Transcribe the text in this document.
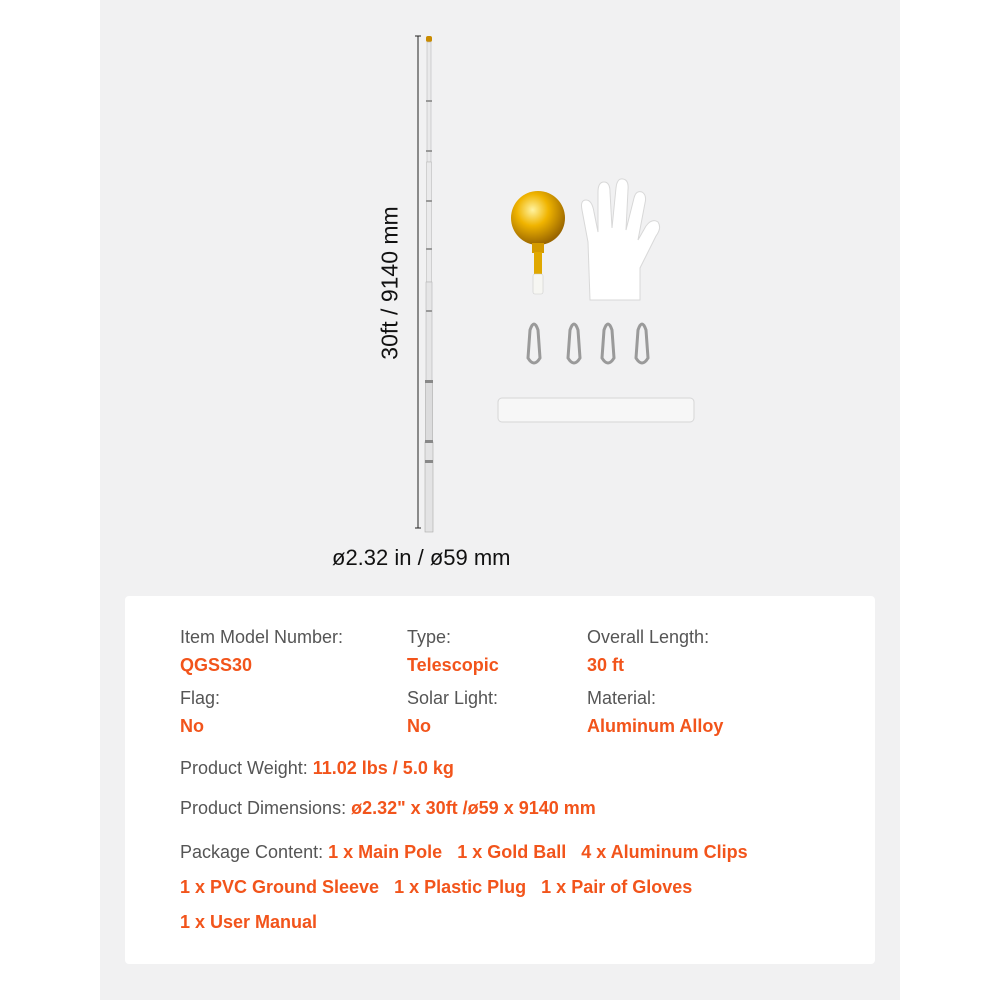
30ft / 9140 mm
ø2.32 in / ø59 mm
Item Model Number:
QGSS30
Type:
Telescopic
Overall Length:
30 ft
Flag:
No
Solar Light:
No
Material:
Aluminum Alloy
Product Weight: 11.02 lbs / 5.0 kg
Product Dimensions: ø2.32" x 30ft /ø59 x 9140 mm
Package Content: 1 x Main Pole 1 x Gold Ball 4 x Aluminum Clips
1 x PVC Ground Sleeve 1 x Plastic Plug 1 x Pair of Gloves
1 x User Manual
